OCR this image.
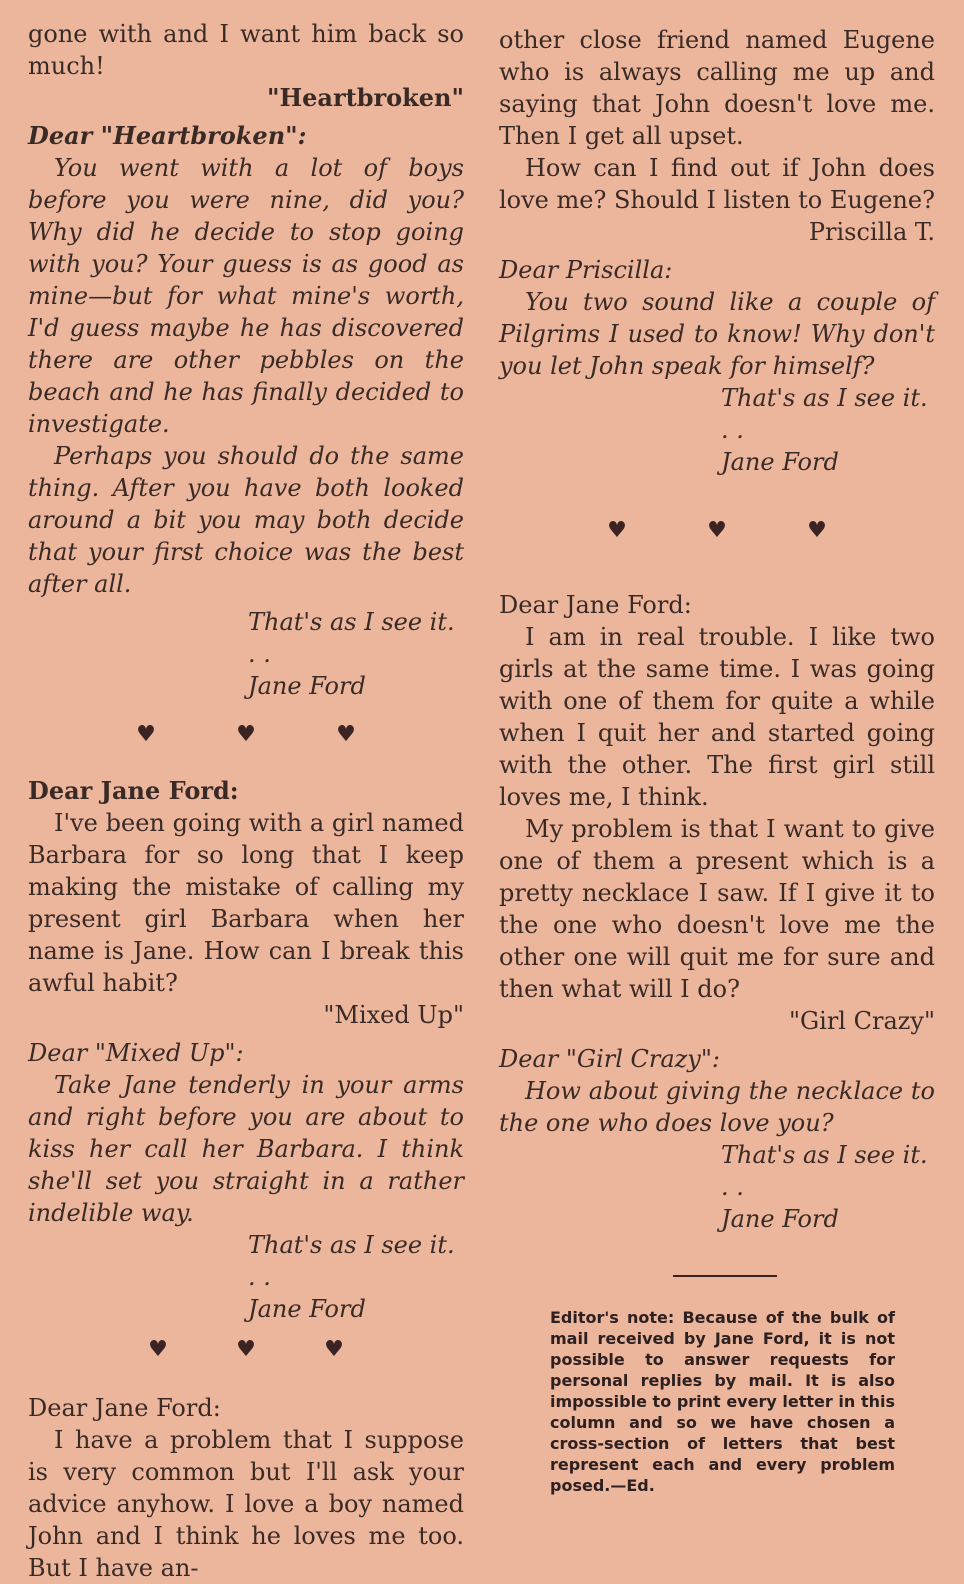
gone with and I want him back so much!

"Heartbroken"

Dear "Heartbroken":

You went with a lot of boys before you were nine, did you? Why did he decide to stop going with you? Your guess is as good as mine—but for what mine's worth, I'd guess maybe he has discovered there are other pebbles on the beach and he has finally decided to investigate.

Perhaps you should do the same thing. After you have both looked around a bit you may both decide that your first choice was the best after all.

That's as I see it. . .

Jane Ford

♥	♥	♥

Dear Jane Ford:

I've been going with a girl named Barbara for so long that I keep making the mistake of calling my present girl Barbara when her name is Jane. How can I break this awful habit?

"Mixed Up"

Dear "Mixed Up":

Take Jane tenderly in your arms and right before you are about to kiss her call her Barbara. I think she'll set you straight in a rather indelible way.

That's as I see it. . .

Jane Ford

♥	♥	♥

Dear Jane Ford:

I have a problem that I suppose is very common but I'll ask your advice anyhow. I love a boy named John and I think he loves me too. But I have an-

other close friend named Eugene who is always calling me up and saying that John doesn't love me. Then I get all upset.

How can I find out if John does love me? Should I listen to Eugene?

Priscilla T.

Dear Priscilla:

You two sound like a couple of Pilgrims I used to know! Why don't you let John speak for himself?

That's as I see it. . .

Jane Ford

♥	♥	♥

Dear Jane Ford:

I am in real trouble. I like two girls at the same time. I was going with one of them for quite a while when I quit her and started going with the other. The first girl still loves me, I think.

My problem is that I want to give one of them a present which is a pretty necklace I saw. If I give it to the one who doesn't love me the other one will quit me for sure and then what will I do?

"Girl Crazy"

Dear "Girl Crazy":

How about giving the necklace to the one who does love you?

That's as I see it. . .

Jane Ford

Editor's note: Because of the bulk of mail received by Jane Ford, it is not possible to answer requests for personal replies by mail. It is also impossible to print every letter in this column and so we have chosen a cross-section of letters that best represent each and every problem posed.—Ed.
